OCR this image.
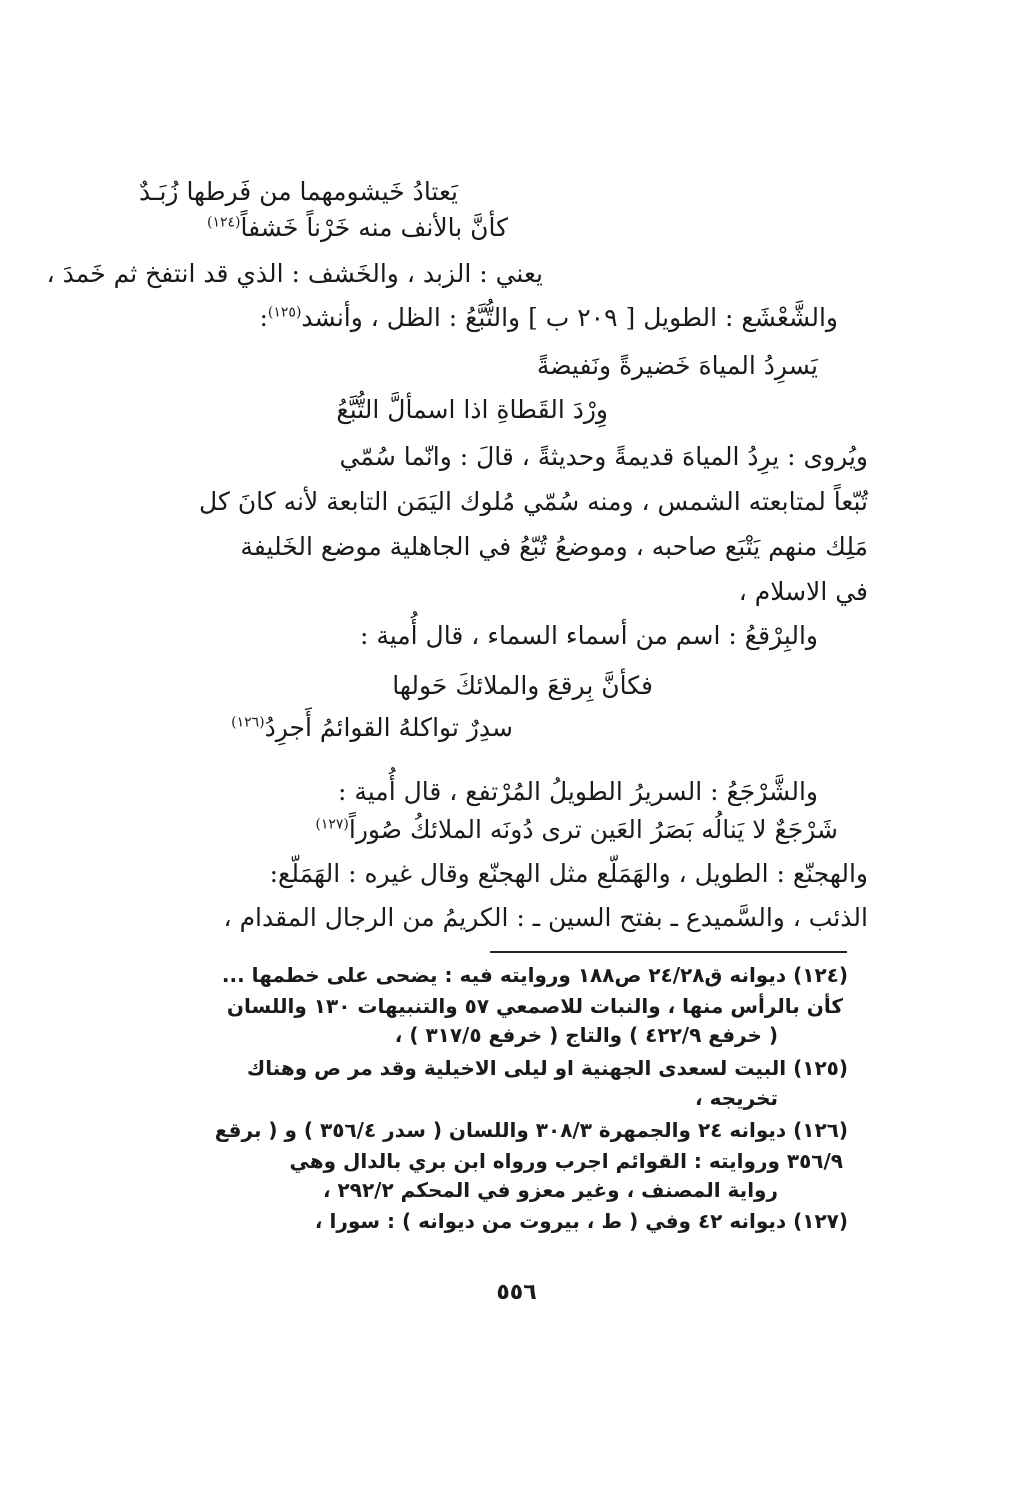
يَعتادُ خَيشومهما من فَرطها زُبَـدٌ
كأنَّ بالأنف منه خَرْناً خَشفاً$^{(١٢٤)}$
يعني : الزبد ، والخَشف : الذي قد انتفخ ثم خَمدَ ،
والشَّعْشَع : الطويل [ ٢٠٩ ب ] والتُّبَّعُ : الظل ، وأنشد$^{(١٢٥)}$:
يَسرِدُ المياهَ خَضيرةً ونَفيضةً
وِرْدَ القَطاةِ اذا اسمألَّ التُّبَّعُ
ويُروى : يرِدُ المياهَ قديمةً وحديثةً ، قالَ : وانّما سُمّي
تُبّعاً لمتابعته الشمس ، ومنه سُمّي مُلوك اليَمَن التابعة لأنه كانَ كل
مَلِك منهم يَتْبَع صاحبه ، وموضعُ تُبّعُ في الجاهلية موضع الخَليفة
في الاسلام ،
والبِرْقعُ : اسم من أسماء السماء ، قال أُمية :
فكأنَّ بِرقعَ والملائكَ حَولها
سدِرٌ تواكلهُ القوائمُ أَجرِدُ$^{(١٢٦)}$
والشَّرْجَعُ : السريرُ الطويلُ المُرْتفع ، قال أُمية :
شَرْجَعٌ لا يَنالُه بَصَرُ العَين ترى دُونَه الملائكُ صُوراً$^{(١٢٧)}$
والهجنّع : الطويل ، والهَمَلّع مثل الهجنّع وقال غيره : الهَمَلّع:
الذئب ، والسَّميدع ـ بفتح السين ـ : الكريمُ من الرجال المقدام ،
(١٢٤) ديوانه ق٢٤/٢٨ ص١٨٨ وروايته فيه : يضحى على خطمها ...
كأن بالرأس منها ، والنبات للاصمعي ٥٧ والتنبيهات ١٣٠ واللسان
( خرفع ٤٢٢/٩ ) والتاج ( خرفع ٣١٧/٥ ) ،
(١٢٥) البيت لسعدى الجهنية او ليلى الاخيلية وقد مر ص وهناك
تخريجه ،
(١٢٦) ديوانه ٢٤ والجمهرة ٣٠٨/٣ واللسان ( سدر ٣٥٦/٤ ) و ( برقع
٣٥٦/٩ وروايته : القوائم اجرب ورواه ابن بري بالدال وهي
رواية المصنف ، وغير معزو في المحكم ٢٩٢/٢ ،
(١٢٧) ديوانه ٤٢ وفي ( ط ، بيروت من ديوانه ) : سورا ،
٥٥٦
